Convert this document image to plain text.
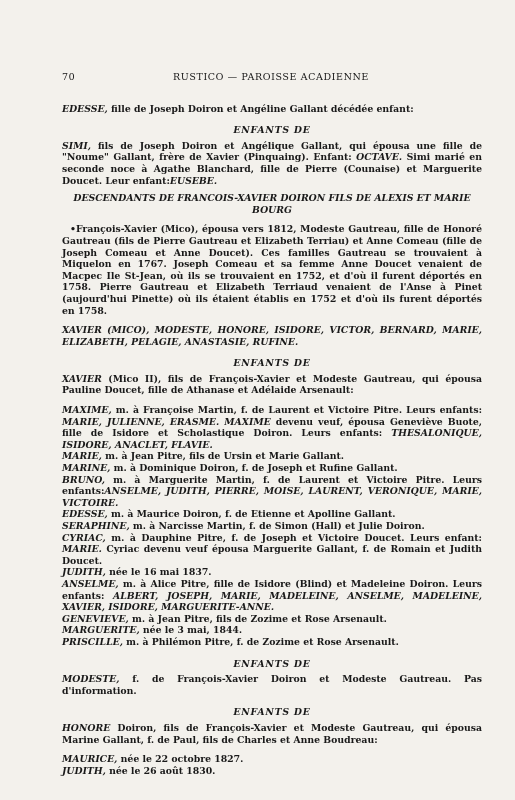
70	RUSTICO — PAROISSE ACADIENNE

EDESSE, fille de Joseph Doiron et Angéline Gallant décédée enfant:

ENFANTS DE

SIMI, fils de Joseph Doiron et Angélique Gallant, qui épousa une fille de "Noume" Gallant, frère de Xavier (Pinquaing). Enfant: OCTAVE. Simi marié en seconde noce à Agathe Blanchard, fille de Pierre (Counaise) et Marguerite Doucet. Leur enfant:EUSEBE.

DESCENDANTS DE FRANCOIS-XAVIER DOIRON FILS DE ALEXIS ET MARIE BOURG

• François-Xavier (Mico), épousa vers 1812, Modeste Gautreau, fille de Honoré Gautreau (fils de Pierre Gautreau et Elizabeth Terriau) et Anne Comeau (fille de Joseph Comeau et Anne Doucet). Ces familles Gautreau se trouvaient à Miquelon en 1767. Joseph Comeau et sa femme Anne Doucet venaient de Macpec Ile St-Jean, où ils se trouvaient en 1752, et d'où il furent déportés en 1758. Pierre Gautreau et Elizabeth Terriaud venaient de l'Anse à Pinet (aujourd'hui Pinette) où ils étaient établis en 1752 et d'où ils furent déportés en 1758.

XAVIER (MICO), MODESTE, HONORE, ISIDORE, VICTOR, BERNARD, MARIE, ELIZABETH, PELAGIE, ANASTASIE, RUFINE.

ENFANTS DE

XAVIER (Mico II), fils de François-Xavier et Modeste Gautreau, qui épousa Pauline Doucet, fille de Athanase et Adélaide Arsenault:

MAXIME, m. à Françoise Martin, f. de Laurent et Victoire Pitre. Leurs enfants: MARIE, JULIENNE, ERASME. MAXIME devenu veuf, épousa Geneviève Buote, fille de Isidore et Scholastique Doiron. Leurs enfants: THESALONIQUE, ISIDORE, ANACLET, FLAVIE.

MARIE, m. à Jean Pitre, fils de Ursin et Marie Gallant.

MARINE, m. à Dominique Doiron, f. de Joseph et Rufine Gallant.

BRUNO, m. à Marguerite Martin, f. de Laurent et Victoire Pitre. Leurs enfants:ANSELME, JUDITH, PIERRE, MOISE, LAURENT, VERONIQUE, MARIE, VICTOIRE.

EDESSE, m. à Maurice Doiron, f. de Etienne et Apolline Gallant.

SERAPHINE, m. à Narcisse Martin, f. de Simon (Hall) et Julie Doiron.

CYRIAC, m. à Dauphine Pitre, f. de Joseph et Victoire Doucet. Leurs enfant: MARIE. Cyriac devenu veuf épousa Marguerite Gallant, f. de Romain et Judith Doucet.

JUDITH, née le 16 mai 1837.

ANSELME, m. à Alice Pitre, fille de Isidore (Blind) et Madeleine Doiron. Leurs enfants: ALBERT, JOSEPH, MARIE, MADELEINE, ANSELME, MADELEINE, XAVIER, ISIDORE, MARGUERITE-ANNE.

GENEVIEVE, m. à Jean Pitre, fils de Zozime et Rose Arsenault.

MARGUERITE, née le 3 mai, 1844.

PRISCILLE, m. à Philémon Pitre, f. de Zozime et Rose Arsenault.

ENFANTS DE

MODESTE, f. de François-Xavier Doiron et Modeste Gautreau. Pas d'information.

ENFANTS DE

HONORE Doiron, fils de François-Xavier et Modeste Gautreau, qui épousa Marine Gallant, f. de Paul, fils de Charles et Anne Boudreau:

MAURICE, née le 22 octobre 1827.

JUDITH, née le 26 août 1830.
